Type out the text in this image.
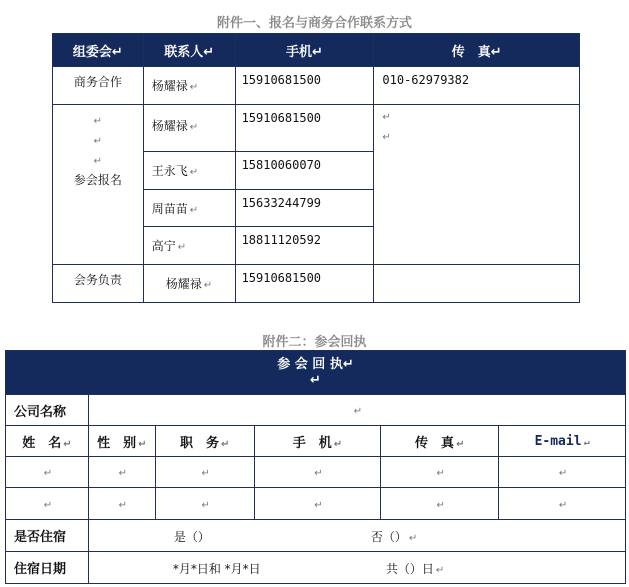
附件一、报名与商务合作联系方式
组委会↵	联系人↵	手机↵	传　真↵
商务合作	杨耀禄 ↵	15910681500	010-62979382

↵
↵
↵
参会报名	杨耀禄 ↵	15910681500	↵
↵

	王永飞 ↵	15810060070	
	周苗苗 ↵	15633244799	
	高宁 ↵	18811120592	
会务负责	杨耀禄 ↵	15910681500	
附件二：参会回执
参 会 回 执↵
↵					
公司名称	↵				
姓　名 ↵	性　别 ↵	职　务 ↵	手　机 ↵	传　真 ↵	E-mail ↵
↵	↵	↵	↵	↵	↵
↵	↵	↵	↵	↵	↵
是否住宿	是（） 否（） ↵				

住宿日期	*月*日和 *月*日 共（）日 ↵				
